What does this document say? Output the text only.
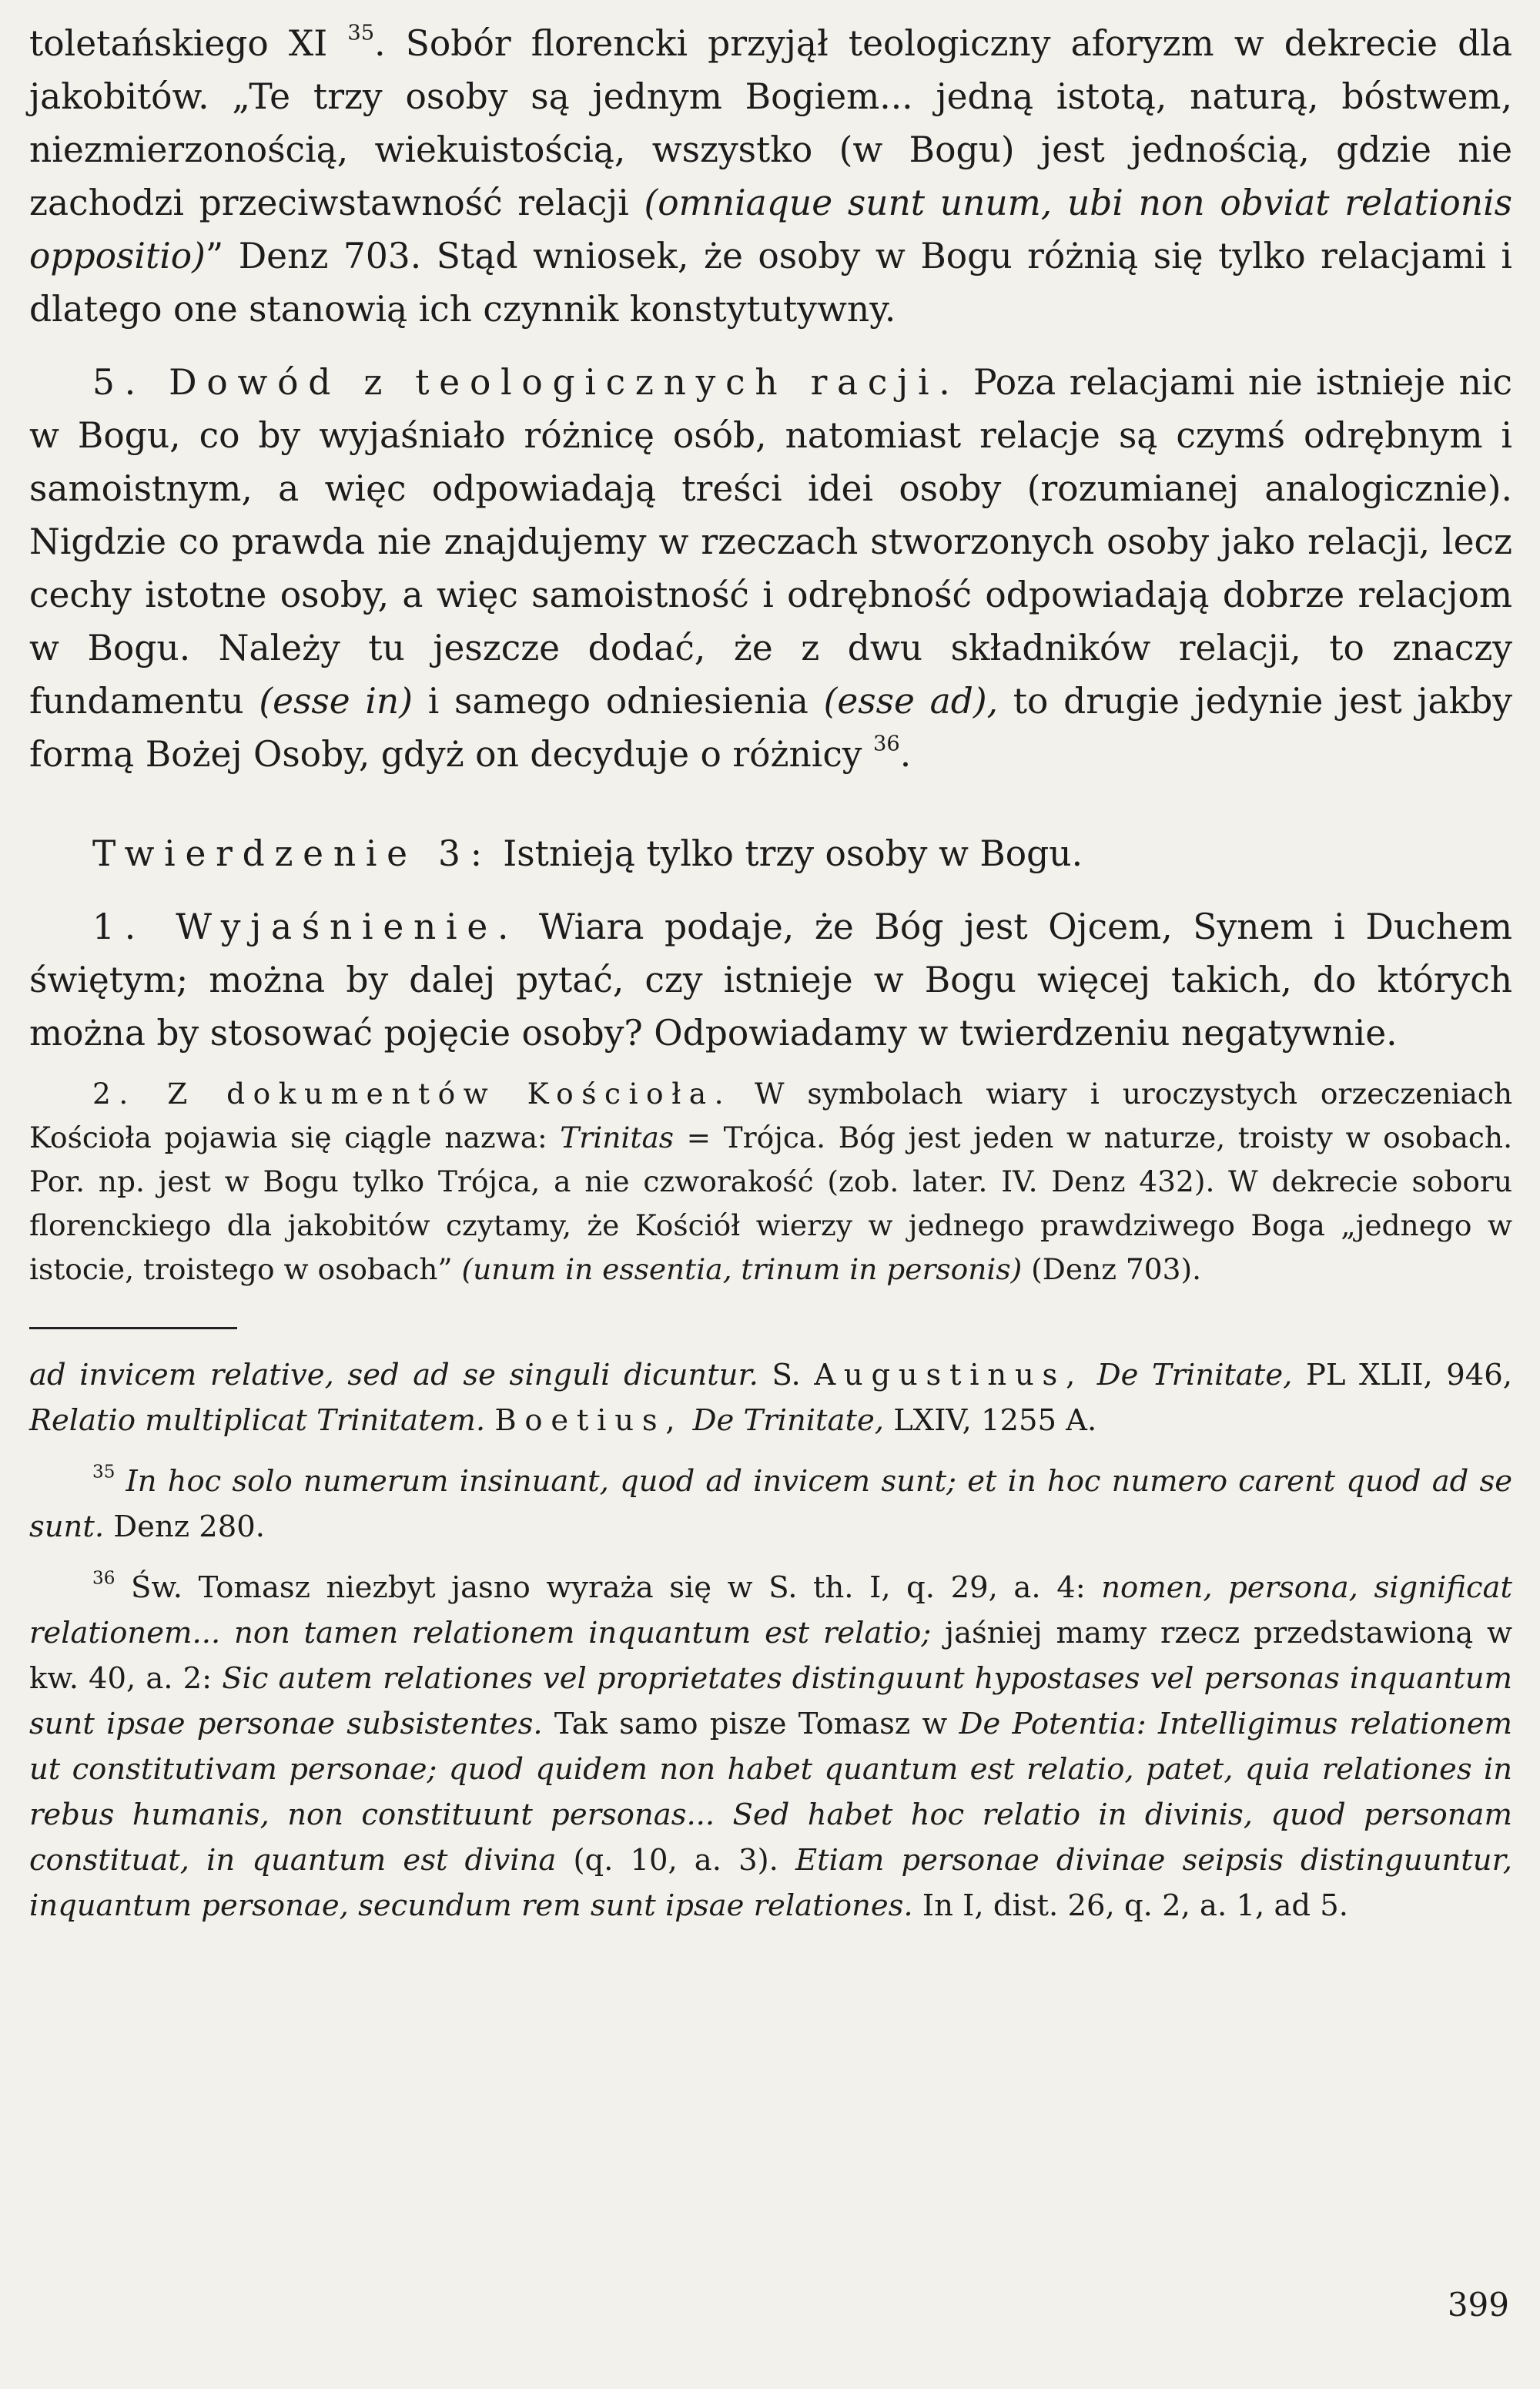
toletańskiego XI $^{35}$. Sobór florencki przyjął teologiczny aforyzm w dekrecie dla jakobitów. „Te trzy osoby są jednym Bogiem... jedną istotą, naturą, bóstwem, niezmierzonością, wiekuistością, wszystko (w Bogu) jest jednością, gdzie nie zachodzi przeciwstawność relacji (omniaque sunt unum, ubi non obviat relationis oppositio)” Denz 703. Stąd wniosek, że osoby w Bogu różnią się tylko relacjami i dlatego one stanowią ich czynnik konstytutywny.

5. Dowód z teologicznych racji. Poza relacjami nie istnieje nic w Bogu, co by wyjaśniało różnicę osób, natomiast relacje są czymś odrębnym i samoistnym, a więc odpowiadają treści idei osoby (rozumianej analogicznie). Nigdzie co prawda nie znajdujemy w rzeczach stworzonych osoby jako relacji, lecz cechy istotne osoby, a więc samoistność i odrębność odpowiadają dobrze relacjom w Bogu. Należy tu jeszcze dodać, że z dwu składników relacji, to znaczy fundamentu (esse in) i samego odniesienia (esse ad), to drugie jedynie jest jakby formą Bożej Osoby, gdyż on decyduje o różnicy $^{36}$.

Twierdzenie 3: Istnieją tylko trzy osoby w Bogu.

1. Wyjaśnienie. Wiara podaje, że Bóg jest Ojcem, Synem i Duchem świętym; można by dalej pytać, czy istnieje w Bogu więcej takich, do których można by stosować pojęcie osoby? Odpowiadamy w twierdzeniu negatywnie.

2. Z dokumentów Kościoła. W symbolach wiary i uroczystych orzeczeniach Kościoła pojawia się ciągle nazwa: Trinitas = Trójca. Bóg jest jeden w naturze, troisty w osobach. Por. np. jest w Bogu tylko Trójca, a nie czworakość (zob. later. IV. Denz 432). W dekrecie soboru florenckiego dla jakobitów czytamy, że Kościół wierzy w jednego prawdziwego Boga „jednego w istocie, troistego w osobach” (unum in essentia, trinum in personis) (Denz 703).

ad invicem relative, sed ad se singuli dicuntur. S. Augustinus, De Trinitate, PL XLII, 946, Relatio multiplicat Trinitatem. Boetius, De Trinitate, LXIV, 1255 A.

$^{35}$ In hoc solo numerum insinuant, quod ad invicem sunt; et in hoc numero carent quod ad se sunt. Denz 280.

$^{36}$ Św. Tomasz niezbyt jasno wyraża się w S. th. I, q. 29, a. 4: nomen, persona, significat relationem... non tamen relationem inquantum est relatio; jaśniej mamy rzecz przedstawioną w kw. 40, a. 2: Sic autem relationes vel proprietates distinguunt hypostases vel personas inquantum sunt ipsae personae subsistentes. Tak samo pisze Tomasz w De Potentia: Intelligimus relationem ut constitutivam personae; quod quidem non habet quantum est relatio, patet, quia relationes in rebus humanis, non constituunt personas... Sed habet hoc relatio in divinis, quod personam constituat, in quantum est divina (q. 10, a. 3). Etiam personae divinae seipsis distinguuntur, inquantum personae, secundum rem sunt ipsae relationes. In I, dist. 26, q. 2, a. 1, ad 5.

399
